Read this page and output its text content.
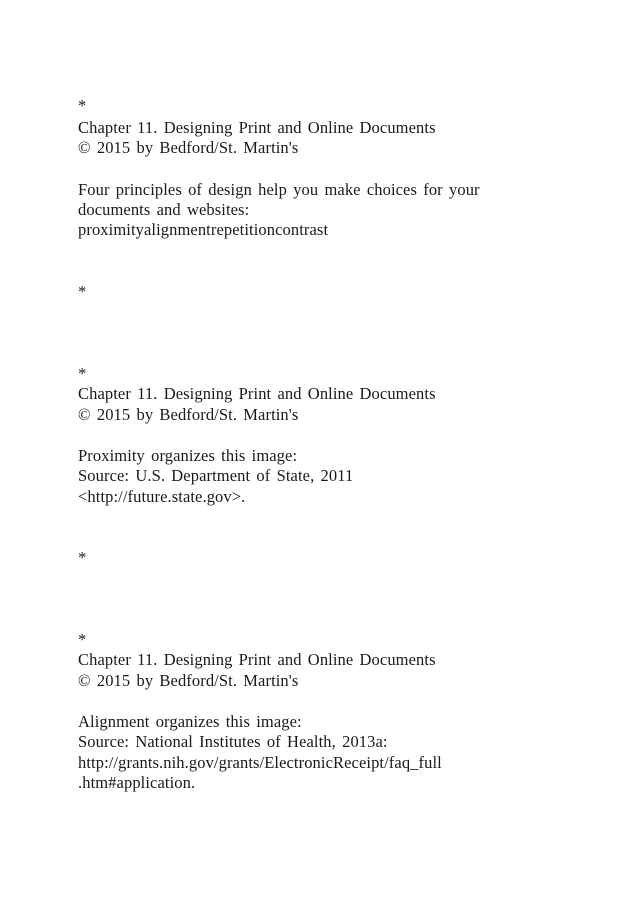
*
Chapter 11. Designing Print and Online Documents
© 2015 by Bedford/St. Martin's
Four principles of design help you make choices for your
documents and websites:
proximityalignmentrepetitioncontrast
*
*
Chapter 11. Designing Print and Online Documents
© 2015 by Bedford/St. Martin's
Proximity organizes this image:
Source: U.S. Department of State, 2011
<http://future.state.gov>.
*
*
Chapter 11. Designing Print and Online Documents
© 2015 by Bedford/St. Martin's
Alignment organizes this image:
Source: National Institutes of Health, 2013a:
http://grants.nih.gov/grants/ElectronicReceipt/faq_full
.htm#application.
